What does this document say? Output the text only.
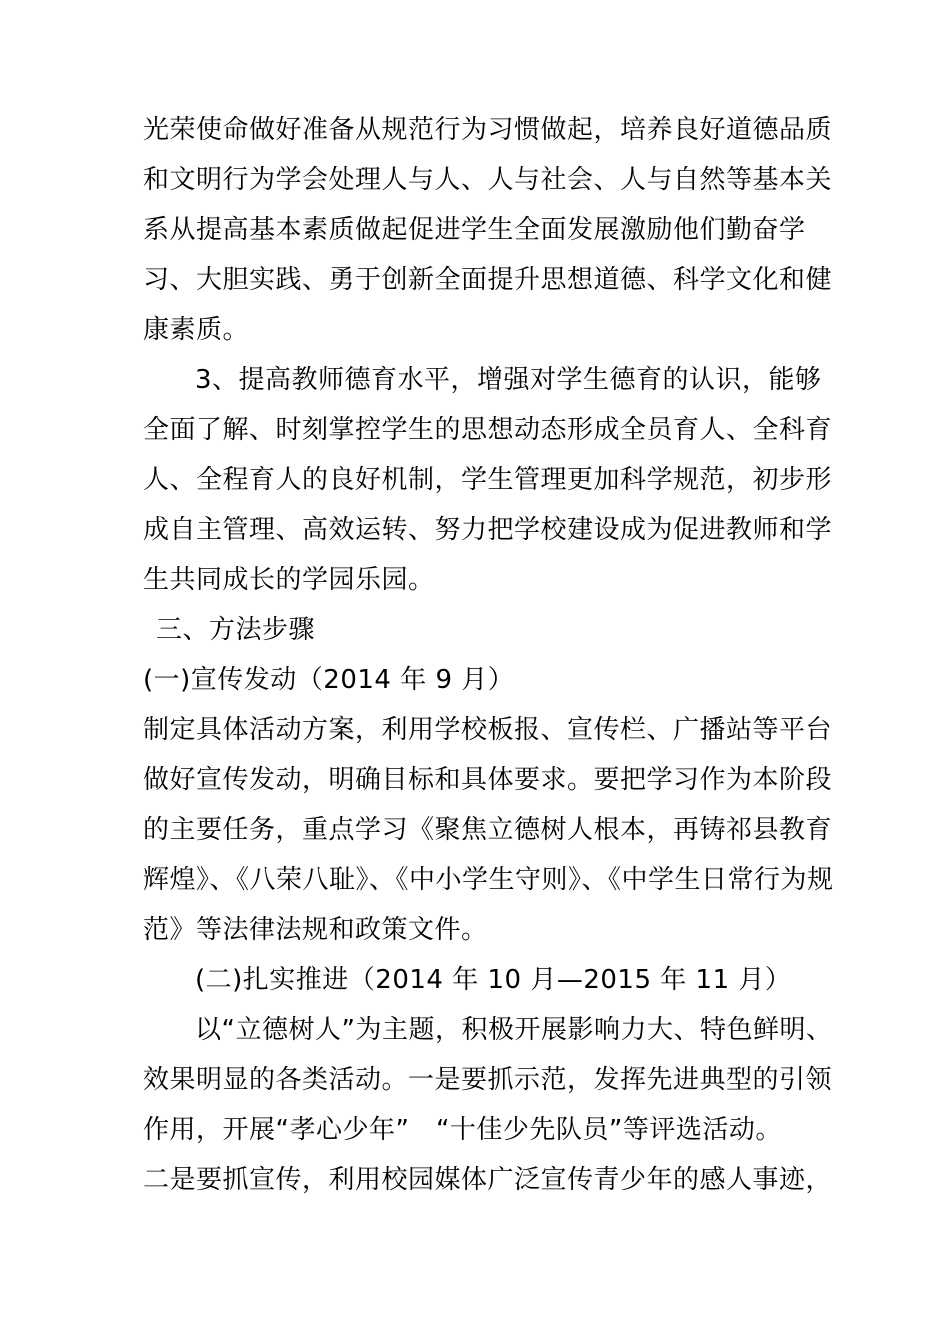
光荣使命做好准备从规范行为习惯做起，培养良好道德品质
和文明行为学会处理人与人、人与社会、人与自然等基本关
系从提高基本素质做起促进学生全面发展激励他们勤奋学
习、大胆实践、勇于创新全面提升思想道德、科学文化和健
康素质。
3、提高教师德育水平，增强对学生德育的认识，能够
全面了解、时刻掌控学生的思想动态形成全员育人、全科育
人、全程育人的良好机制，学生管理更加科学规范，初步形
成自主管理、高效运转、努力把学校建设成为促进教师和学
生共同成长的学园乐园。
三、方法步骤
(一)宣传发动（2014 年 9 月）
制定具体活动方案，利用学校板报、宣传栏、广播站等平台
做好宣传发动，明确目标和具体要求。要把学习作为本阶段
的主要任务，重点学习《聚焦立德树人根本，再铸祁县教育
辉煌》、《八荣八耻》、《中小学生守则》、《中学生日常行为规
范》等法律法规和政策文件。
(二)扎实推进（2014 年 10 月—2015 年 11 月）
以“立德树人”为主题，积极开展影响力大、特色鲜明、
效果明显的各类活动。一是要抓示范，发挥先进典型的引领
作用，开展“孝心少年”　“十佳少先队员”等评选活动。
二是要抓宣传，利用校园媒体广泛宣传青少年的感人事迹，
